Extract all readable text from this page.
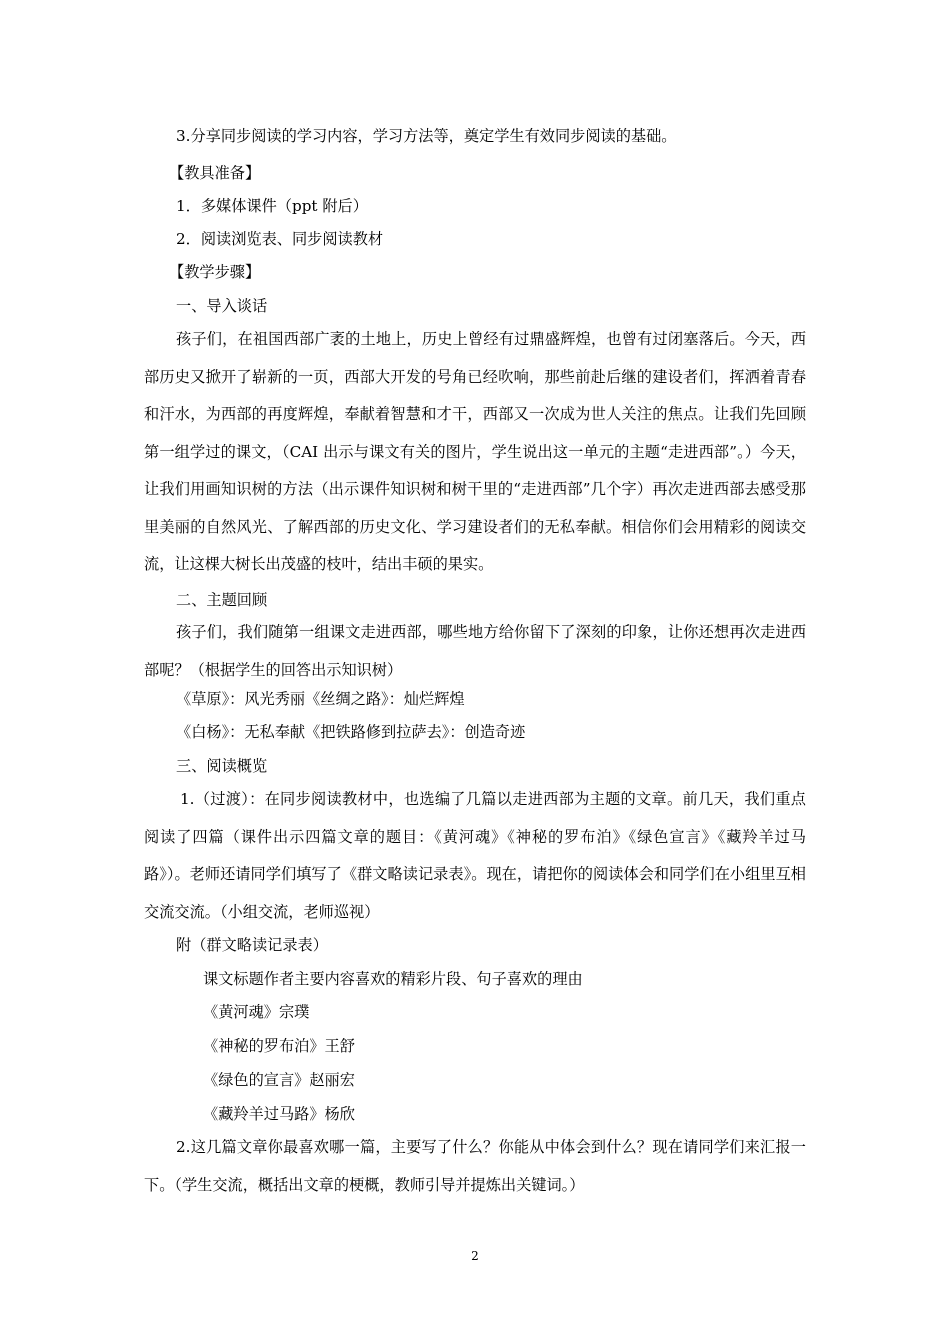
3.分享同步阅读的学习内容，学习方法等，奠定学生有效同步阅读的基础。
【教具准备】
1．多媒体课件（ppt 附后）
2．阅读浏览表、同步阅读教材
【教学步骤】
一、导入谈话
孩子们，在祖国西部广袤的土地上，历史上曾经有过鼎盛辉煌，也曾有过闭塞落后。今天，西部历史又掀开了崭新的一页，西部大开发的号角已经吹响，那些前赴后继的建设者们，挥洒着青春和汗水，为西部的再度辉煌，奉献着智慧和才干，西部又一次成为世人关注的焦点。让我们先回顾第一组学过的课文，（CAI 出示与课文有关的图片，学生说出这一单元的主题“走进西部”。）今天，让我们用画知识树的方法（出示课件知识树和树干里的“走进西部”几个字）再次走进西部去感受那里美丽的自然风光、了解西部的历史文化、学习建设者们的无私奉献。相信你们会用精彩的阅读交流，让这棵大树长出茂盛的枝叶，结出丰硕的果实。
二、主题回顾
孩子们，我们随第一组课文走进西部，哪些地方给你留下了深刻的印象，让你还想再次走进西部呢？（根据学生的回答出示知识树）
《草原》：风光秀丽《丝绸之路》：灿烂辉煌
《白杨》：无私奉献《把铁路修到拉萨去》：创造奇迹
三、阅读概览
1.（过渡）：在同步阅读教材中，也选编了几篇以走进西部为主题的文章。前几天，我们重点阅读了四篇（课件出示四篇文章的题目：《黄河魂》《神秘的罗布泊》《绿色宣言》《藏羚羊过马路》）。老师还请同学们填写了《群文略读记录表》。现在，请把你的阅读体会和同学们在小组里互相交流交流。（小组交流，老师巡视）
附（群文略读记录表）
课文标题作者主要内容喜欢的精彩片段、句子喜欢的理由
《黄河魂》宗璞
《神秘的罗布泊》王舒
《绿色的宣言》赵丽宏
《藏羚羊过马路》杨欣
2.这几篇文章你最喜欢哪一篇，主要写了什么？你能从中体会到什么？现在请同学们来汇报一下。（学生交流，概括出文章的梗概，教师引导并提炼出关键词。）
2
